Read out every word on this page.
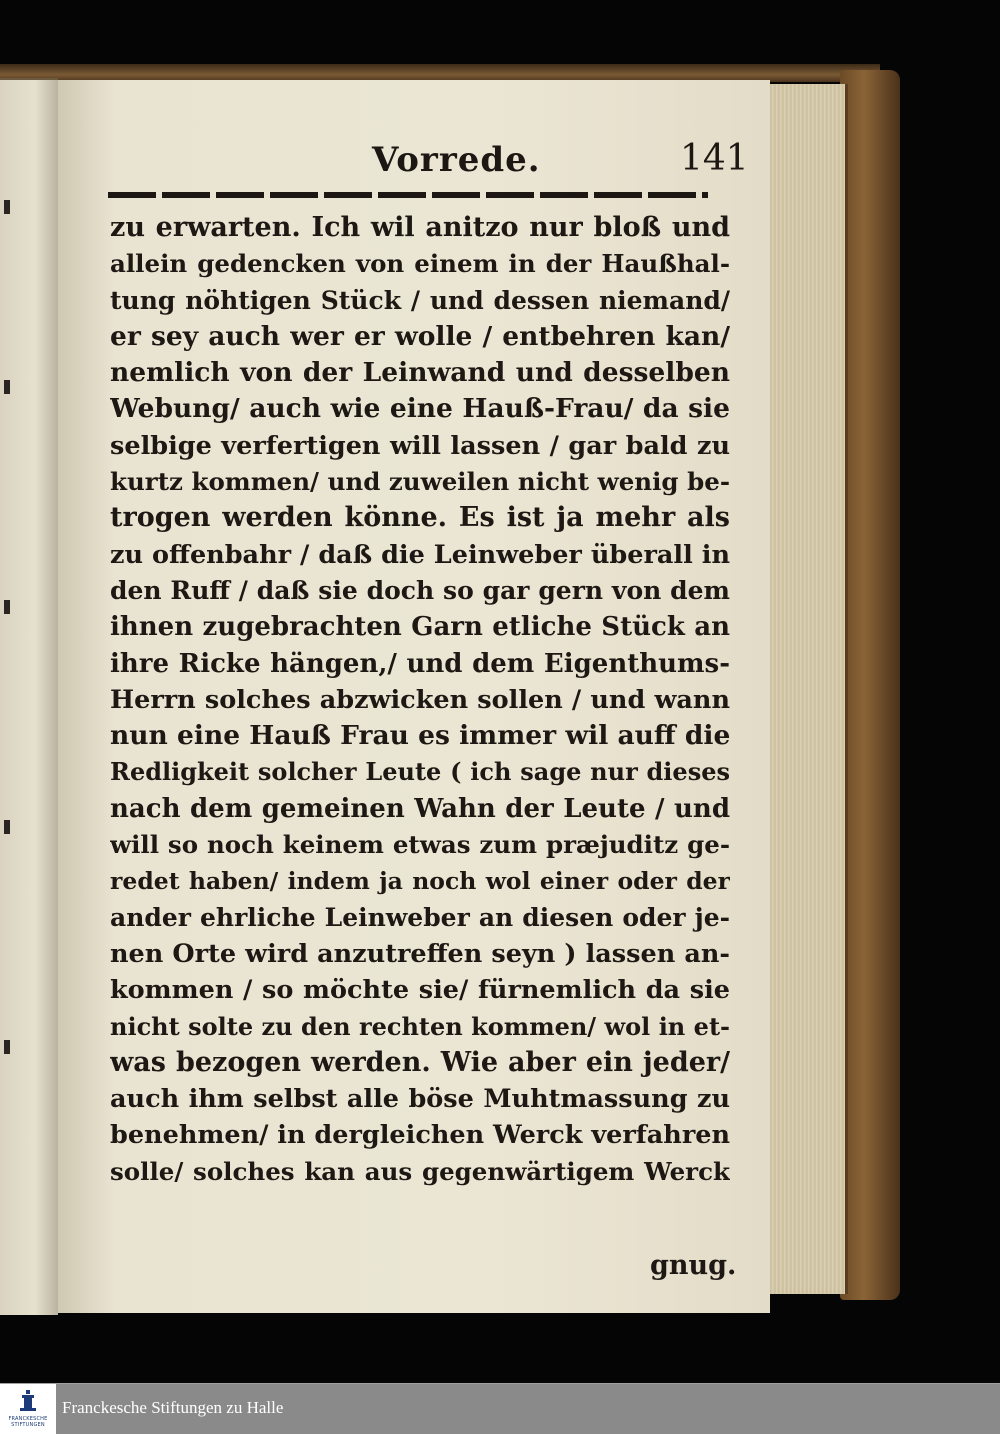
Vorrede.	141
zu erwarten. Ich wil anitzo nur bloß und
allein gedencken von einem in der Haußhal-
tung nöhtigen Stück / und dessen niemand/
er sey auch wer er wolle / entbehren kan/
nemlich von der Leinwand und desselben
Webung/ auch wie eine Hauß-Frau/ da sie
selbige verfertigen will lassen / gar bald zu
kurtz kommen/ und zuweilen nicht wenig be-
trogen werden könne. Es ist ja mehr als
zu offenbahr / daß die Leinweber überall in
den Ruff / daß sie doch so gar gern von dem
ihnen zugebrachten Garn etliche Stück an
ihre Ricke hängen,/ und dem Eigenthums-
Herrn solches abzwicken sollen / und wann
nun eine Hauß Frau es immer wil auff die
Redligkeit solcher Leute ( ich sage nur dieses
nach dem gemeinen Wahn der Leute / und
will so noch keinem etwas zum præjuditz ge-
redet haben/ indem ja noch wol einer oder der
ander ehrliche Leinweber an diesen oder je-
nen Orte wird anzutreffen seyn ) lassen an-
kommen / so möchte sie/ fürnemlich da sie
nicht solte zu den rechten kommen/ wol in et-
was bezogen werden. Wie aber ein jeder/
auch ihm selbst alle böse Muhtmassung zu
benehmen/ in dergleichen Werck verfahren
solle/ solches kan aus gegenwärtigem Werck
gnug.
FRANCKESCHE
STIFTUNGEN
Franckesche Stiftungen zu Halle
